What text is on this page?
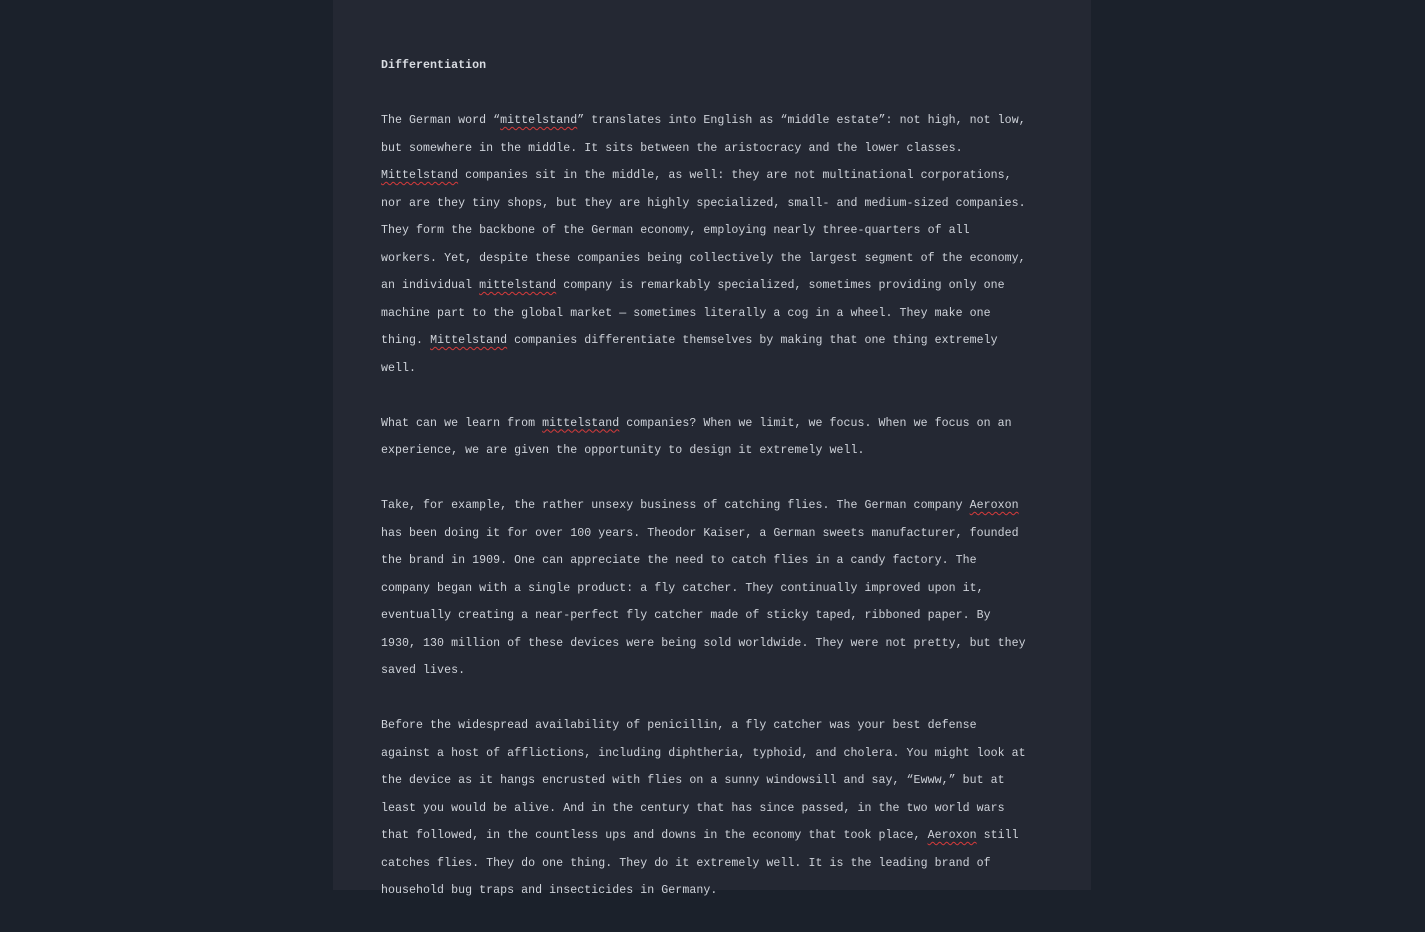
Differentiation
The German word “mittelstand” translates into English as “middle estate”: not high, not low,
but somewhere in the middle. It sits between the aristocracy and the lower classes.
Mittelstand companies sit in the middle, as well: they are not multinational corporations,
nor are they tiny shops, but they are highly specialized, small- and medium-sized companies.
They form the backbone of the German economy, employing nearly three-quarters of all
workers. Yet, despite these companies being collectively the largest segment of the economy,
an individual mittelstand company is remarkably specialized, sometimes providing only one
machine part to the global market — sometimes literally a cog in a wheel. They make one
thing. Mittelstand companies differentiate themselves by making that one thing extremely
well.
What can we learn from mittelstand companies? When we limit, we focus. When we focus on an
experience, we are given the opportunity to design it extremely well.
Take, for example, the rather unsexy business of catching flies. The German company Aeroxon
has been doing it for over 100 years. Theodor Kaiser, a German sweets manufacturer, founded
the brand in 1909. One can appreciate the need to catch flies in a candy factory. The
company began with a single product: a fly catcher. They continually improved upon it,
eventually creating a near-perfect fly catcher made of sticky taped, ribboned paper. By
1930, 130 million of these devices were being sold worldwide. They were not pretty, but they
saved lives.
Before the widespread availability of penicillin, a fly catcher was your best defense
against a host of afflictions, including diphtheria, typhoid, and cholera. You might look at
the device as it hangs encrusted with flies on a sunny windowsill and say, “Ewww,” but at
least you would be alive. And in the century that has since passed, in the two world wars
that followed, in the countless ups and downs in the economy that took place, Aeroxon still
catches flies. They do one thing. They do it extremely well. It is the leading brand of
household bug traps and insecticides in Germany.
